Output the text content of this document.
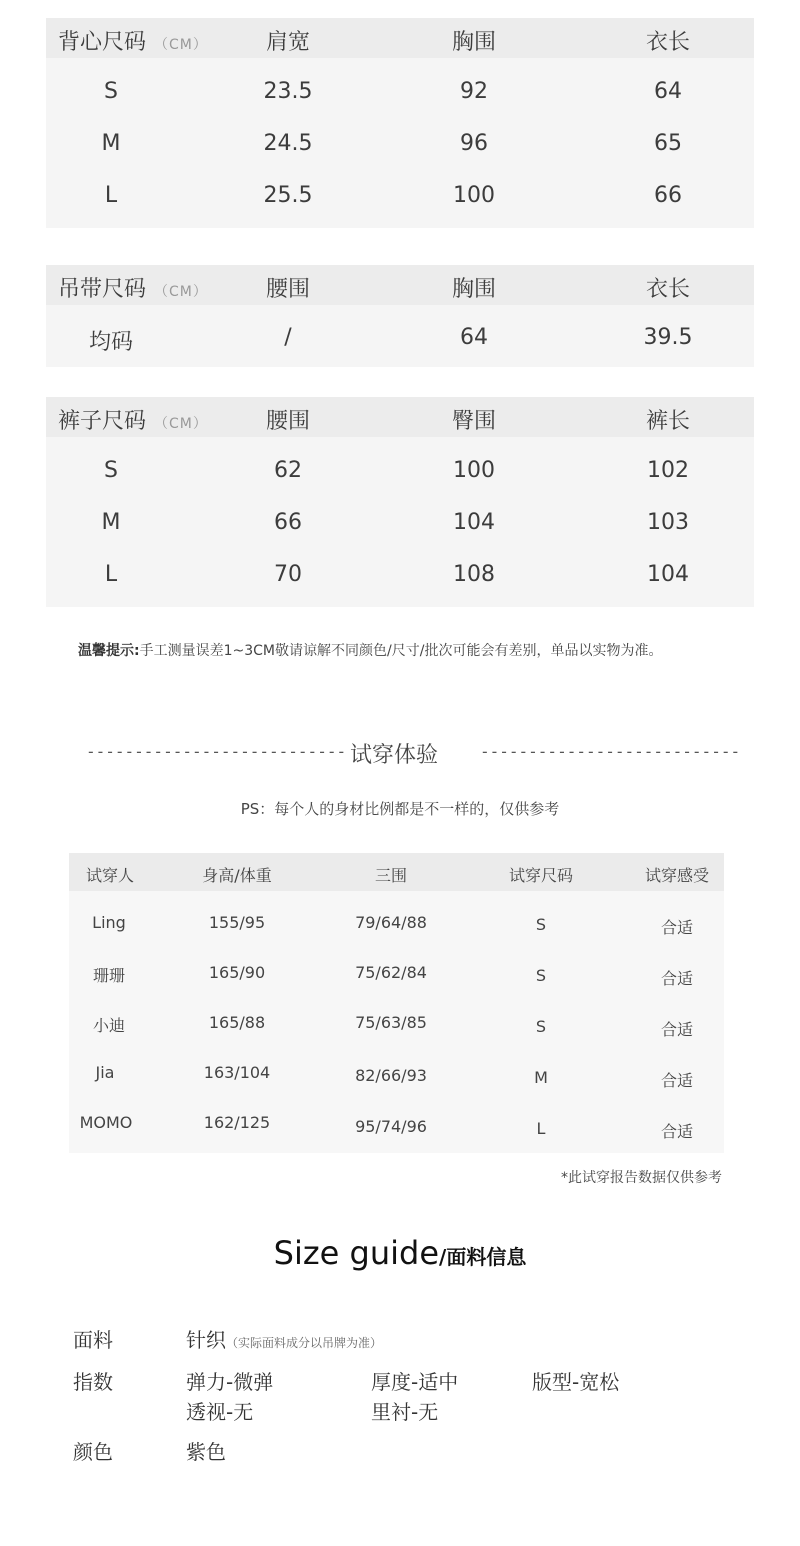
背心尺码 （CM）	肩宽	胸围	衣长
S	23.5	92	64
M	24.5	96	65
L	25.5	100	66
吊带尺码 （CM）	腰围	胸围	衣长
均码	/	64	39.5
裤子尺码 （CM）	腰围	臀围	裤长
S	62	100	102
M	66	104	103
L	70	108	104
温馨提示:手工测量误差1~3CM敬请谅解不同颜色/尺寸/批次可能会有差别，单品以实物为准。
--------------------------- 试穿体验	---------------------------
PS：每个人的身材比例都是不一样的，仅供参考
试穿人	身高/体重	三围	试穿尺码	试穿感受
Ling	155/95	79/64/88	S	合适
珊珊	165/90	75/62/84	S	合适
小迪	165/88	75/63/85	S	合适
Jia	163/104	82/66/93	M	合适
MOMO	162/125	95/74/96	L	合适
*此试穿报告数据仅供参考
Size guide/面料信息
面料	针织（实际面料成分以吊牌为准）
指数	弹力-微弹	厚度-适中	版型-宽松
透视-无	里衬-无
颜色	紫色
